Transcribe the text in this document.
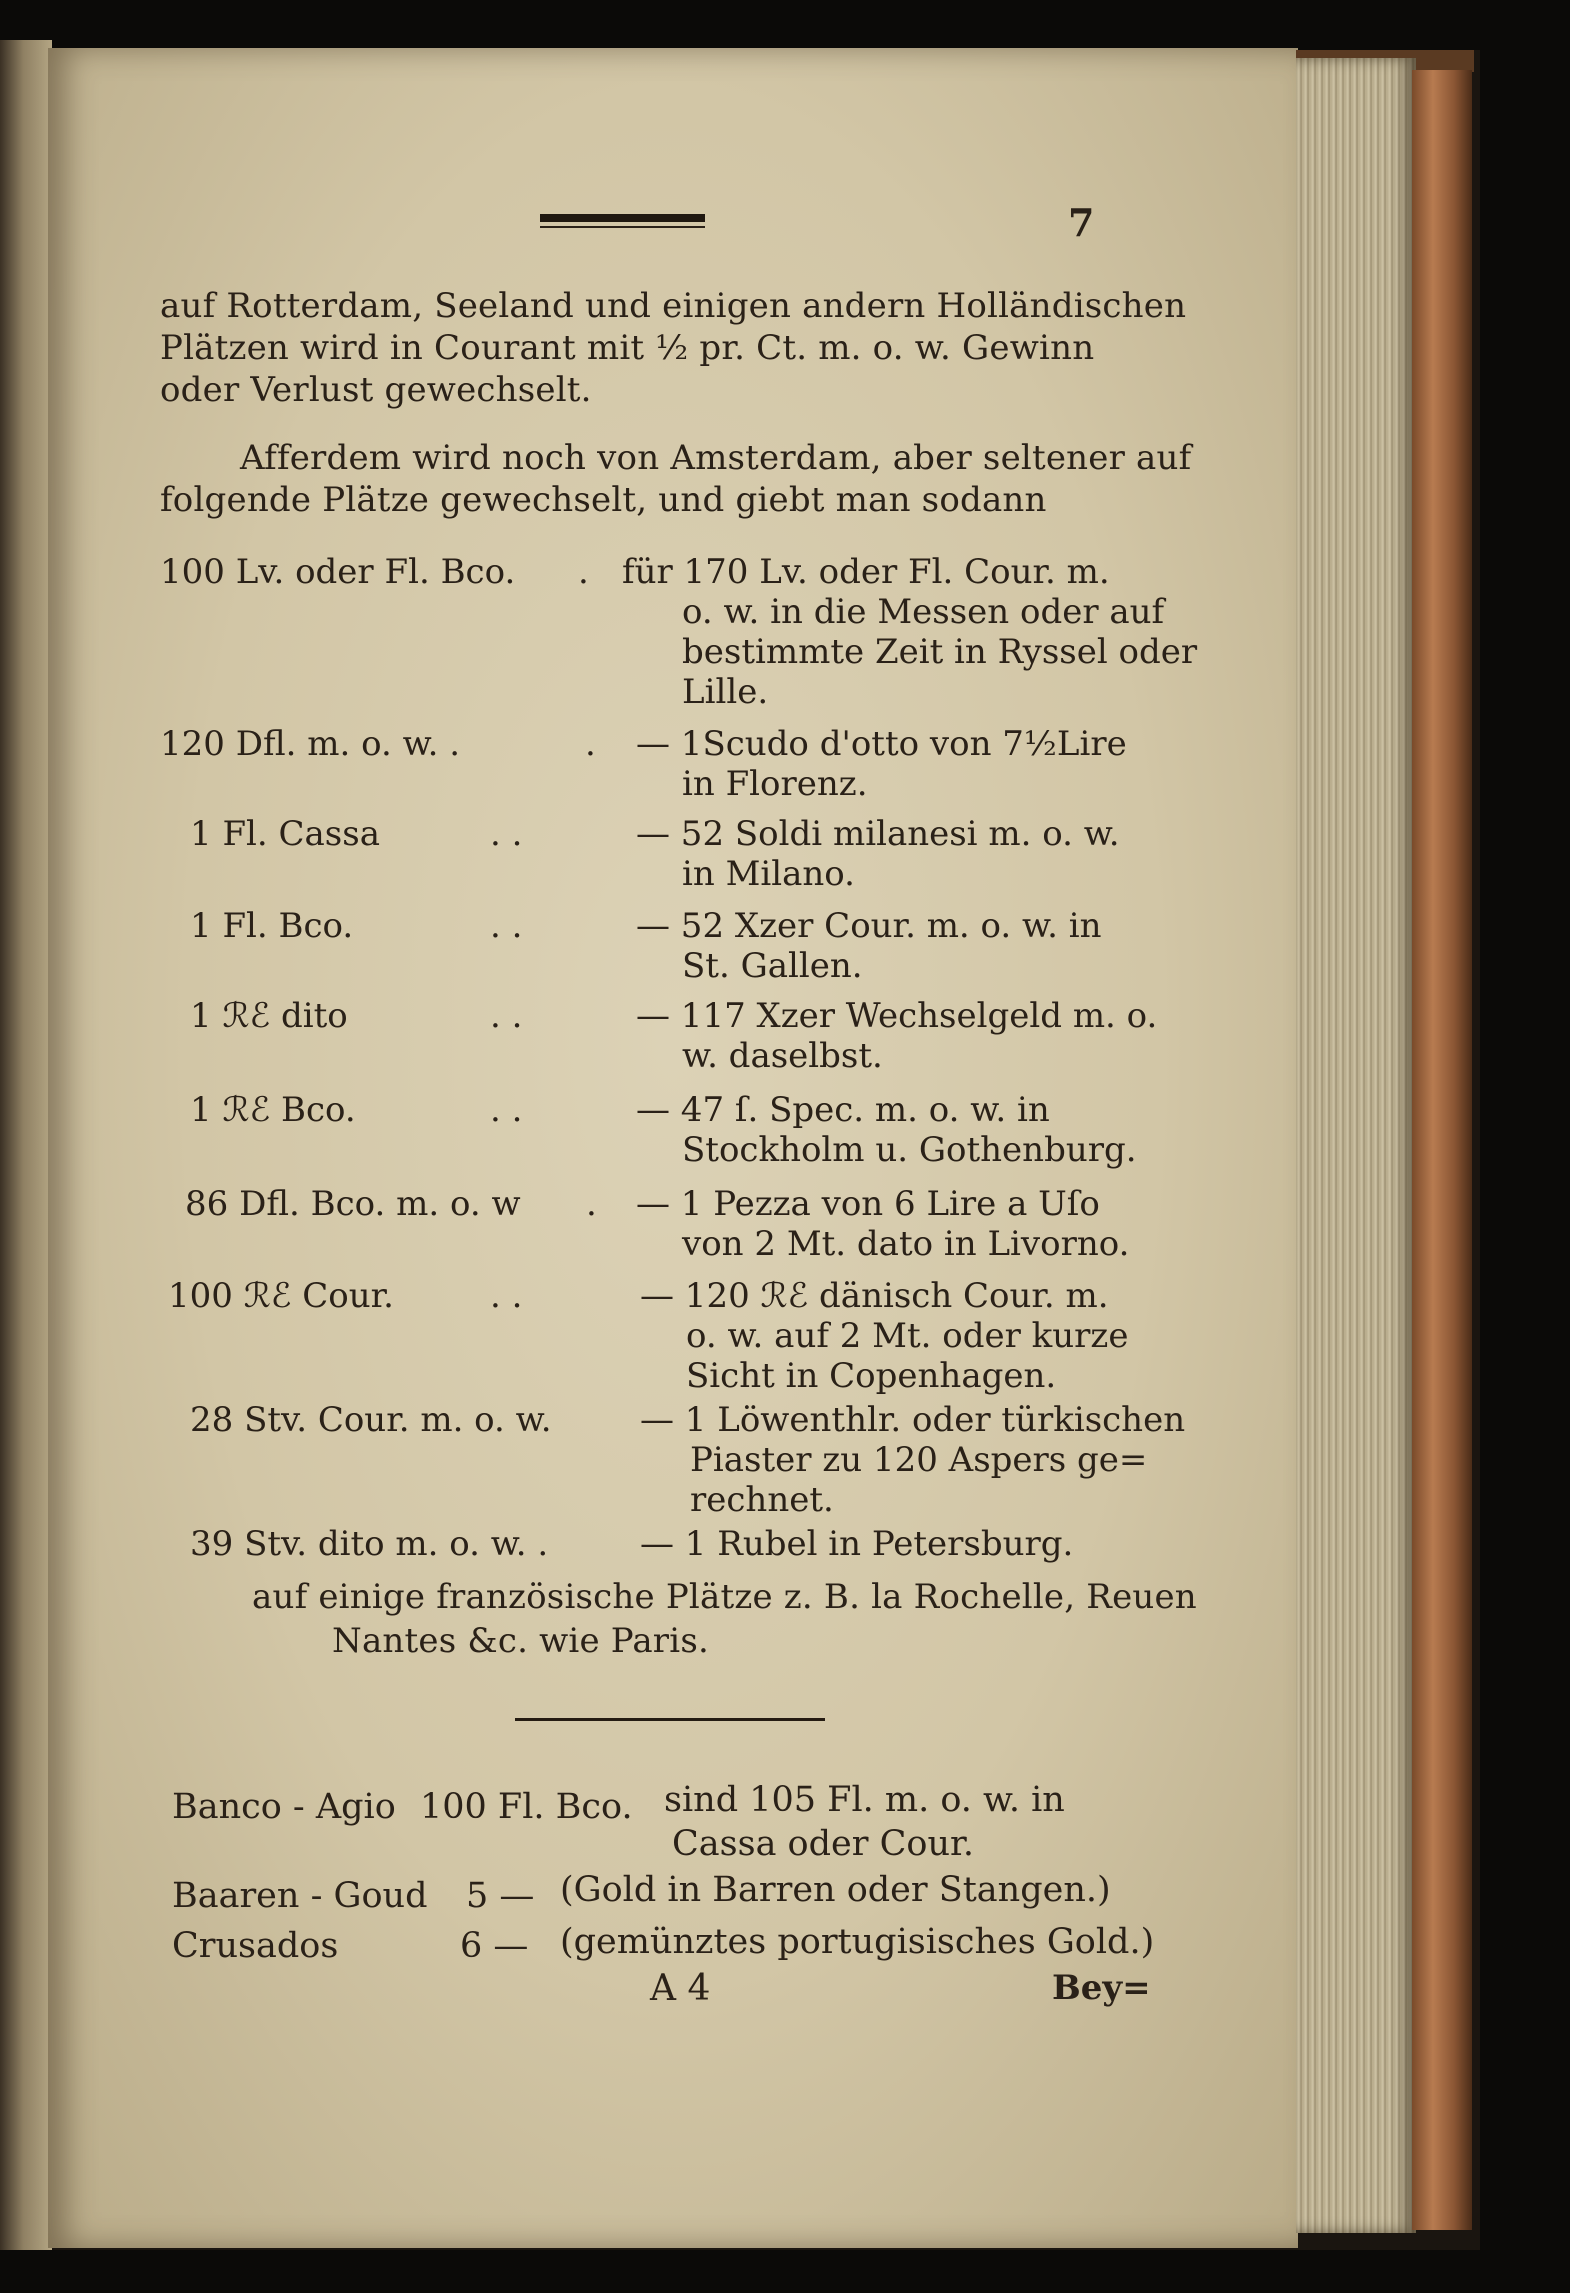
7
auf Rotterdam, Seeland und einigen andern Holländischen
Plätzen wird in Courant mit ½ pr. Ct. m. o. w. Gewinn
oder Verlust gewechselt.
Afferdem wird noch von Amsterdam, aber seltener auf
folgende Plätze gewechselt, und giebt man sodann
100 Lv. oder Fl. Bco. . für 170 Lv. oder Fl. Cour. m.
o. w. in die Messen oder auf
bestimmte Zeit in Ryssel oder
Lille.
120 Dfl. m. o. w. .	. — 1Scudo d'otto von 7½Lire
in Florenz.
1 Fl. Cassa	. .	— 52 Soldi milanesi m. o. w.
in Milano.
1 Fl. Bco.	. .	— 52 Xzer Cour. m. o. w. in
St. Gallen.
1 ℛℰ dito	. .	— 117 Xzer Wechselgeld m. o.
w. daselbst.
1 ℛℰ Bco.	. .	— 47 ſ. Spec. m. o. w. in
Stockholm u. Gothenburg.
86 Dfl. Bco. m. o. w . — 1 Pezza von 6 Lire a Uſo
von 2 Mt. dato in Livorno.
100 ℛℰ Cour.	. .	— 120 ℛℰ dänisch Cour. m.
o. w. auf 2 Mt. oder kurze
Sicht in Copenhagen.
28 Stv. Cour. m. o. w.	— 1 Löwenthlr. oder türkischen
Piaster zu 120 Aspers ge=
rechnet.
39 Stv. dito m. o. w. .	— 1 Rubel in Petersburg.
auf einige französische Plätze z. B. la Rochelle, Reuen
Nantes &c. wie Paris.
Banco - Agio 100 Fl. Bco. sind 105 Fl. m. o. w. in
Cassa oder Cour.
Baaren - Goud 5 — (Gold in Barren oder Stangen.)
Crusados	6 — (gemünztes portugisisches Gold.)
A 4	Bey=
